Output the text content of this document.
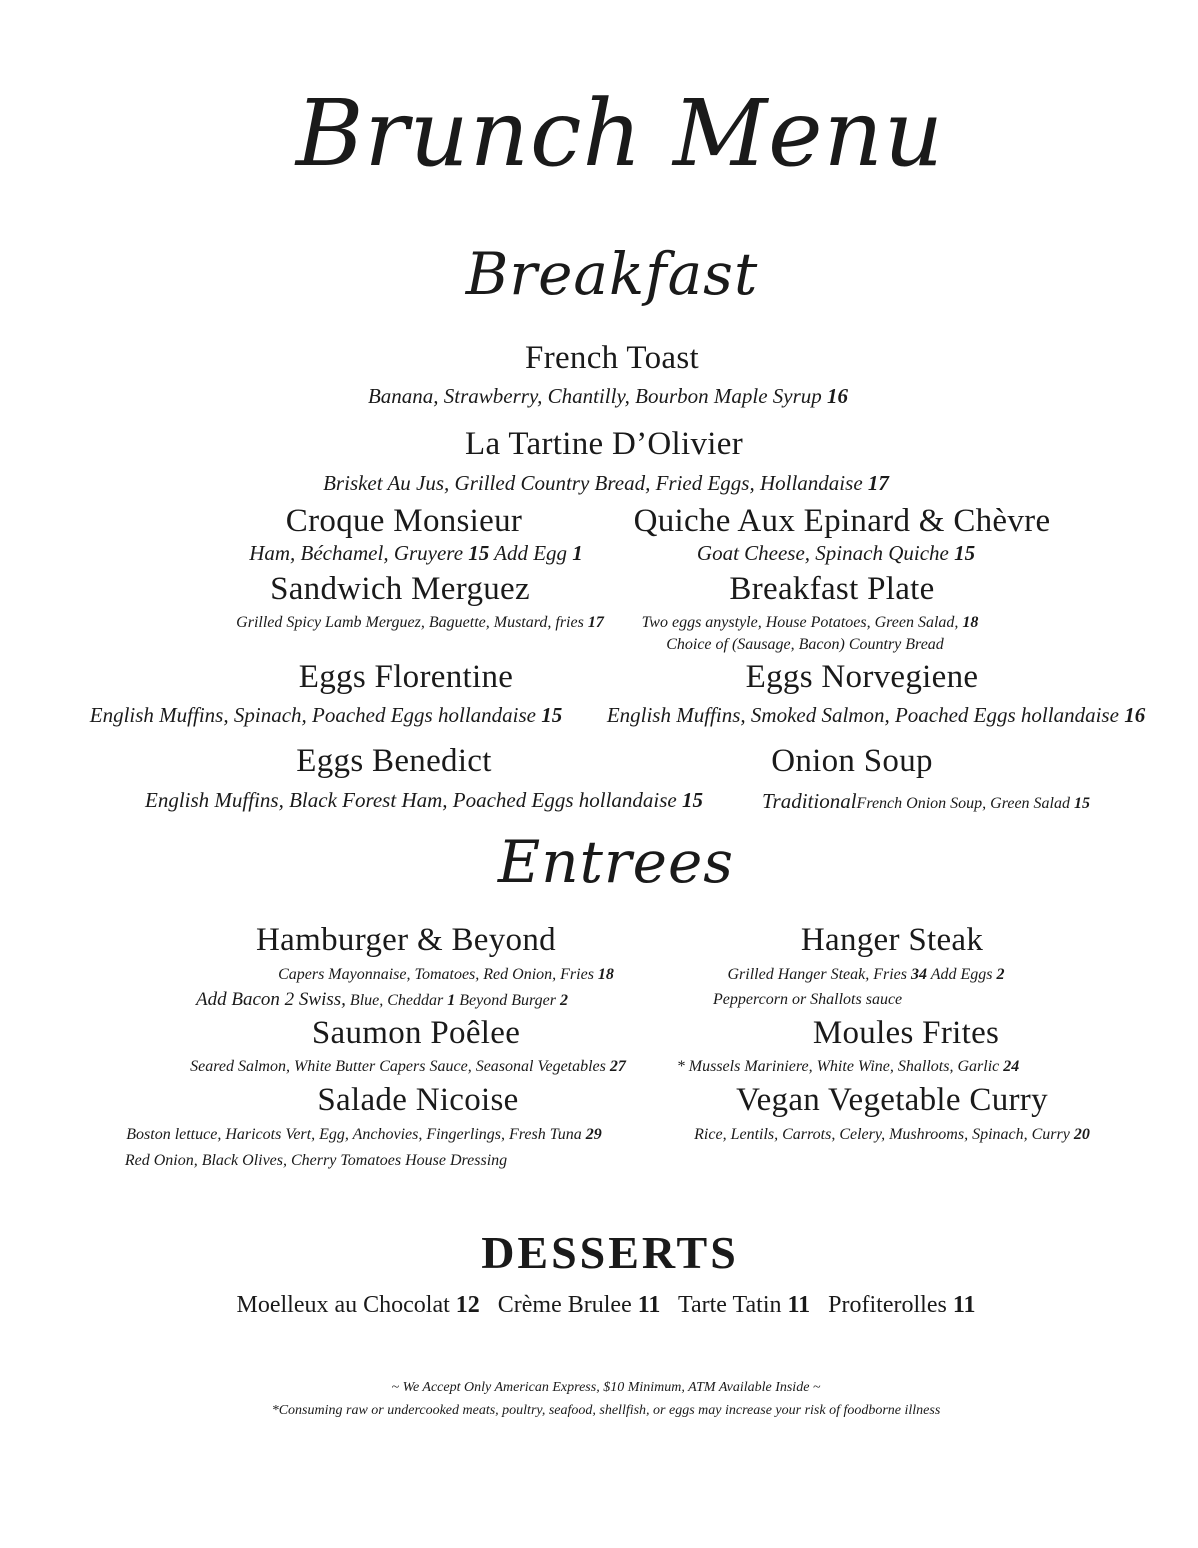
Brunch Menu
Breakfast
French Toast
Banana, Strawberry, Chantilly, Bourbon Maple Syrup 16
La Tartine D’Olivier
Brisket Au Jus, Grilled Country Bread, Fried Eggs, Hollandaise 17
Croque Monsieur
Ham, Béchamel, Gruyere 15 Add Egg 1
Quiche Aux Epinard & Chèvre
Goat Cheese, Spinach Quiche 15
Sandwich Merguez
Grilled Spicy Lamb Merguez, Baguette, Mustard, fries 17
Breakfast Plate
Two eggs anystyle, House Potatoes, Green Salad, 18
Choice of (Sausage, Bacon) Country Bread
Eggs Florentine
English Muffins, Spinach, Poached Eggs hollandaise 15
Eggs Norvegiene
English Muffins, Smoked Salmon, Poached Eggs hollandaise 16
Eggs Benedict
English Muffins, Black Forest Ham, Poached Eggs hollandaise 15
Onion Soup
TraditionalFrench Onion Soup, Green Salad 15
Entrees
Hamburger & Beyond
Capers Mayonnaise, Tomatoes, Red Onion, Fries 18
Add Bacon 2 Swiss, Blue, Cheddar 1 Beyond Burger 2
Hanger Steak
Grilled Hanger Steak, Fries 34 Add Eggs 2
Peppercorn or Shallots sauce
Saumon Poêlee
Seared Salmon, White Butter Capers Sauce, Seasonal Vegetables 27
Moules Frites
* Mussels Mariniere, White Wine, Shallots, Garlic 24
Salade Nicoise
Boston lettuce, Haricots Vert, Egg, Anchovies, Fingerlings, Fresh Tuna 29
Red Onion, Black Olives, Cherry Tomatoes House Dressing
Vegan Vegetable Curry
Rice, Lentils, Carrots, Celery, Mushrooms, Spinach, Curry 20
DESSERTS
Moelleux au Chocolat 12 Crème Brulee 11 Tarte Tatin 11 Profiterolles 11
~ We Accept Only American Express, $10 Minimum, ATM Available Inside ~
*Consuming raw or undercooked meats, poultry, seafood, shellfish, or eggs may increase your risk of foodborne illness
